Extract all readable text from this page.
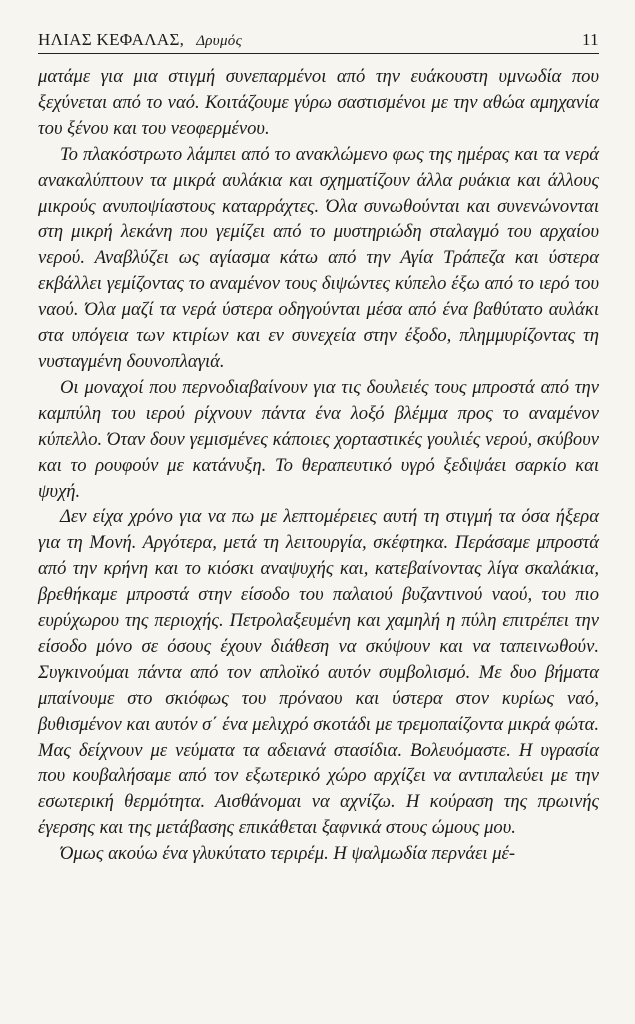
ΗΛΙΑΣ ΚΕΦΑΛΑΣ, Δρυμός	11

ματάμε για μια στιγμή συνεπαρμένοι από την ευάκουστη υμνωδία που ξεχύνεται από το ναό. Κοιτάζουμε γύρω σαστισμένοι με την αθώα αμηχανία του ξένου και του νεοφερμένου.

Το πλακόστρωτο λάμπει από το ανακλώμενο φως της ημέρας και τα νερά ανακαλύπτουν τα μικρά αυλάκια και σχηματίζουν άλλα ρυάκια και άλλους μικρούς ανυποψίαστους καταρράχτες. Όλα συνωθούνται και συνενώνονται στη μικρή λεκάνη που γεμίζει από το μυστηριώδη σταλαγμό του αρχαίου νερού. Αναβλύζει ως αγίασμα κάτω από την Αγία Τράπεζα και ύστερα εκβάλλει γεμίζοντας το αναμένον τους διψώντες κύπελο έξω από το ιερό του ναού. Όλα μαζί τα νερά ύστερα οδηγούνται μέσα από ένα βαθύτατο αυλάκι στα υπόγεια των κτιρίων και εν συνεχεία στην έξοδο, πλημμυρίζοντας τη νυσταγμένη δουνοπλαγιά.

Οι μοναχοί που περνοδιαβαίνουν για τις δουλειές τους μπροστά από την καμπύλη του ιερού ρίχνουν πάντα ένα λοξό βλέμμα προς το αναμένον κύπελλο. Όταν δουν γεμισμένες κάποιες χορταστικές γουλιές νερού, σκύβουν και το ρουφούν με κατάνυξη. Το θεραπευτικό υγρό ξεδιψάει σαρκίο και ψυχή.

Δεν είχα χρόνο για να πω με λεπτομέρειες αυτή τη στιγμή τα όσα ήξερα για τη Μονή. Αργότερα, μετά τη λειτουργία, σκέφτηκα. Περάσαμε μπροστά από την κρήνη και το κιόσκι αναψυχής και, κατεβαίνοντας λίγα σκαλάκια, βρεθήκαμε μπροστά στην είσοδο του παλαιού βυζαντινού ναού, του πιο ευρύχωρου της περιοχής. Πετρολαξευμένη και χαμηλή η πύλη επιτρέπει την είσοδο μόνο σε όσους έχουν διάθεση να σκύψουν και να ταπεινωθούν. Συγκινούμαι πάντα από τον απλοϊκό αυτόν συμβολισμό. Με δυο βήματα μπαίνουμε στο σκιόφως του πρόναου και ύστερα στον κυρίως ναό, βυθισμένον και αυτόν σ΄ ένα μελιχρό σκοτάδι με τρεμοπαίζοντα μικρά φώτα. Μας δείχνουν με νεύματα τα αδειανά στασίδια. Βολευόμαστε. Η υγρασία που κουβαλήσαμε από τον εξωτερικό χώρο αρχίζει να αντιπαλεύει με την εσωτερική θερμότητα. Αισθάνομαι να αχνίζω. Η κούραση της πρωινής έγερσης και της μετάβασης επικάθεται ξαφνικά στους ώμους μου.

Όμως ακούω ένα γλυκύτατο τεριρέμ. Η ψαλμωδία περνάει μέ-
